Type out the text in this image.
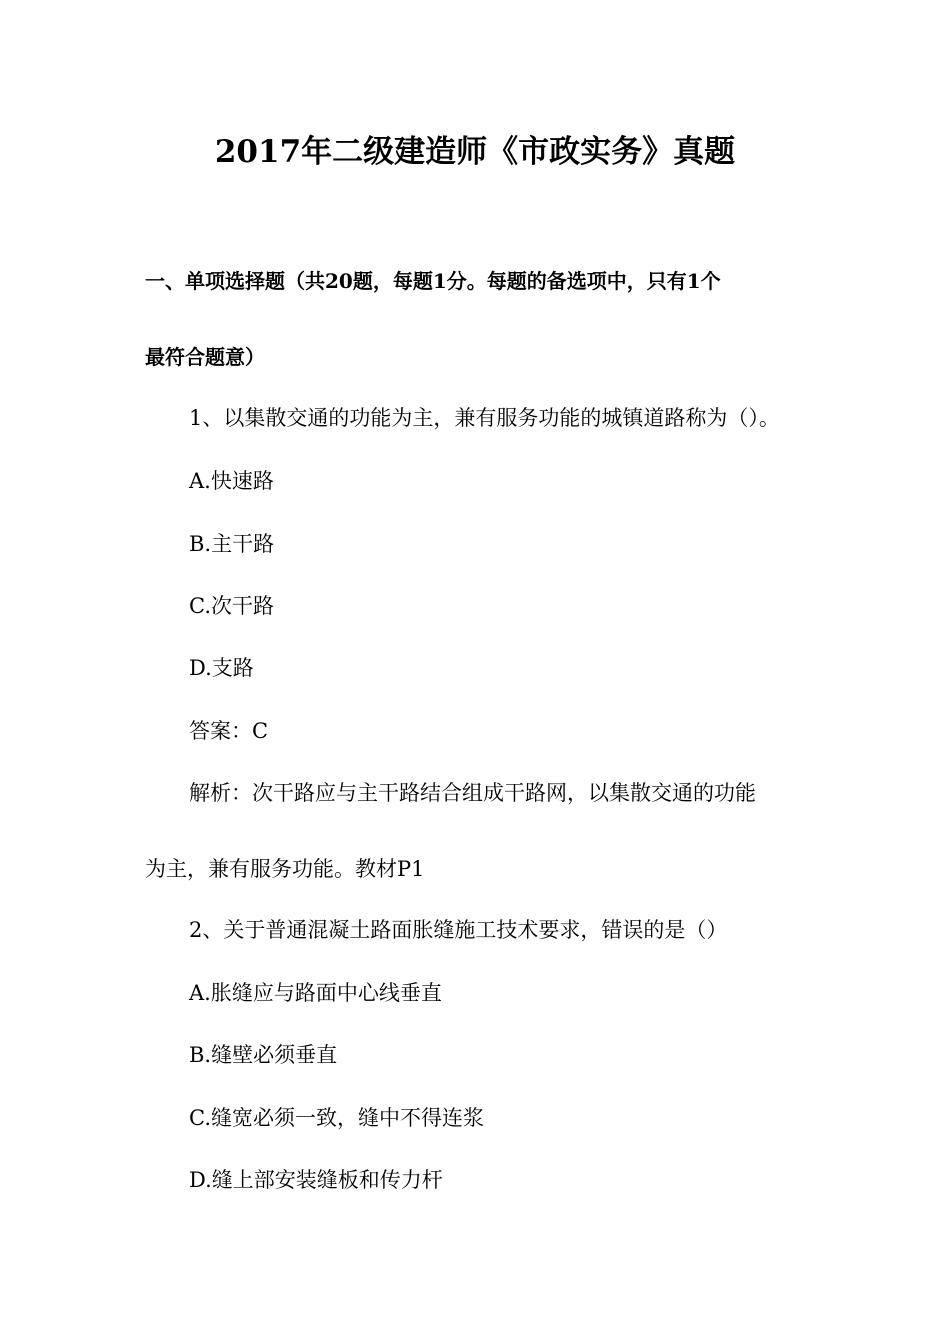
2017年二级建造师《市政实务》真题
一、单项选择题（共20题，每题1分。每题的备选项中，只有1个
最符合题意）
1、以集散交通的功能为主，兼有服务功能的城镇道路称为（）。
A.快速路
B.主干路
C.次干路
D.支路
答案：C
解析：次干路应与主干路结合组成干路网，以集散交通的功能
为主，兼有服务功能。教材P1
2、关于普通混凝土路面胀缝施工技术要求，错误的是（）
A.胀缝应与路面中心线垂直
B.缝壁必须垂直
C.缝宽必须一致，缝中不得连浆
D.缝上部安装缝板和传力杆
